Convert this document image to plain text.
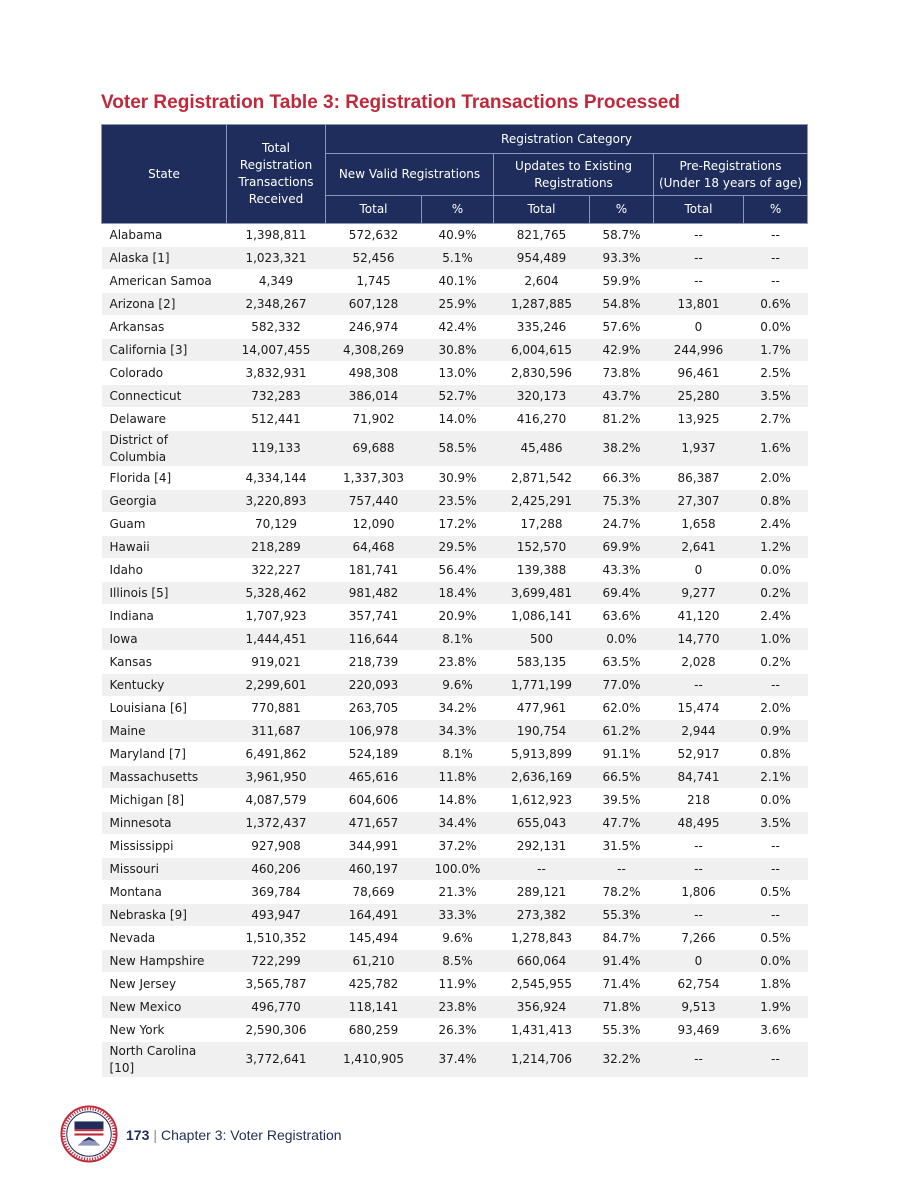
Voter Registration Table 3: Registration Transactions Processed
State	Total Registration Transactions Received	Registration Category					
		New Valid Registrations		Updates to Existing Registrations		Pre-Registrations (Under 18 years of age)	
		Total	%	Total	%	Total	%
Alabama	1,398,811	572,632	40.9%	821,765	58.7%	--	--
Alaska [1]	1,023,321	52,456	5.1%	954,489	93.3%	--	--
American Samoa	4,349	1,745	40.1%	2,604	59.9%	--	--
Arizona [2]	2,348,267	607,128	25.9%	1,287,885	54.8%	13,801	0.6%
Arkansas	582,332	246,974	42.4%	335,246	57.6%	0	0.0%
California [3]	14,007,455	4,308,269	30.8%	6,004,615	42.9%	244,996	1.7%
Colorado	3,832,931	498,308	13.0%	2,830,596	73.8%	96,461	2.5%
Connecticut	732,283	386,014	52.7%	320,173	43.7%	25,280	3.5%
Delaware	512,441	71,902	14.0%	416,270	81.2%	13,925	2.7%
District of Columbia	119,133	69,688	58.5%	45,486	38.2%	1,937	1.6%
Florida [4]	4,334,144	1,337,303	30.9%	2,871,542	66.3%	86,387	2.0%
Georgia	3,220,893	757,440	23.5%	2,425,291	75.3%	27,307	0.8%
Guam	70,129	12,090	17.2%	17,288	24.7%	1,658	2.4%
Hawaii	218,289	64,468	29.5%	152,570	69.9%	2,641	1.2%
Idaho	322,227	181,741	56.4%	139,388	43.3%	0	0.0%
Illinois [5]	5,328,462	981,482	18.4%	3,699,481	69.4%	9,277	0.2%
Indiana	1,707,923	357,741	20.9%	1,086,141	63.6%	41,120	2.4%
Iowa	1,444,451	116,644	8.1%	500	0.0%	14,770	1.0%
Kansas	919,021	218,739	23.8%	583,135	63.5%	2,028	0.2%
Kentucky	2,299,601	220,093	9.6%	1,771,199	77.0%	--	--
Louisiana [6]	770,881	263,705	34.2%	477,961	62.0%	15,474	2.0%
Maine	311,687	106,978	34.3%	190,754	61.2%	2,944	0.9%
Maryland [7]	6,491,862	524,189	8.1%	5,913,899	91.1%	52,917	0.8%
Massachusetts	3,961,950	465,616	11.8%	2,636,169	66.5%	84,741	2.1%
Michigan [8]	4,087,579	604,606	14.8%	1,612,923	39.5%	218	0.0%
Minnesota	1,372,437	471,657	34.4%	655,043	47.7%	48,495	3.5%
Mississippi	927,908	344,991	37.2%	292,131	31.5%	--	--
Missouri	460,206	460,197	100.0%	--	--	--	--
Montana	369,784	78,669	21.3%	289,121	78.2%	1,806	0.5%
Nebraska [9]	493,947	164,491	33.3%	273,382	55.3%	--	--
Nevada	1,510,352	145,494	9.6%	1,278,843	84.7%	7,266	0.5%
New Hampshire	722,299	61,210	8.5%	660,064	91.4%	0	0.0%
New Jersey	3,565,787	425,782	11.9%	2,545,955	71.4%	62,754	1.8%
New Mexico	496,770	118,141	23.8%	356,924	71.8%	9,513	1.9%
New York	2,590,306	680,259	26.3%	1,431,413	55.3%	93,469	3.6%
North Carolina [10]	3,772,641	1,410,905	37.4%	1,214,706	32.2%	--	--
173 | Chapter 3: Voter Registration
